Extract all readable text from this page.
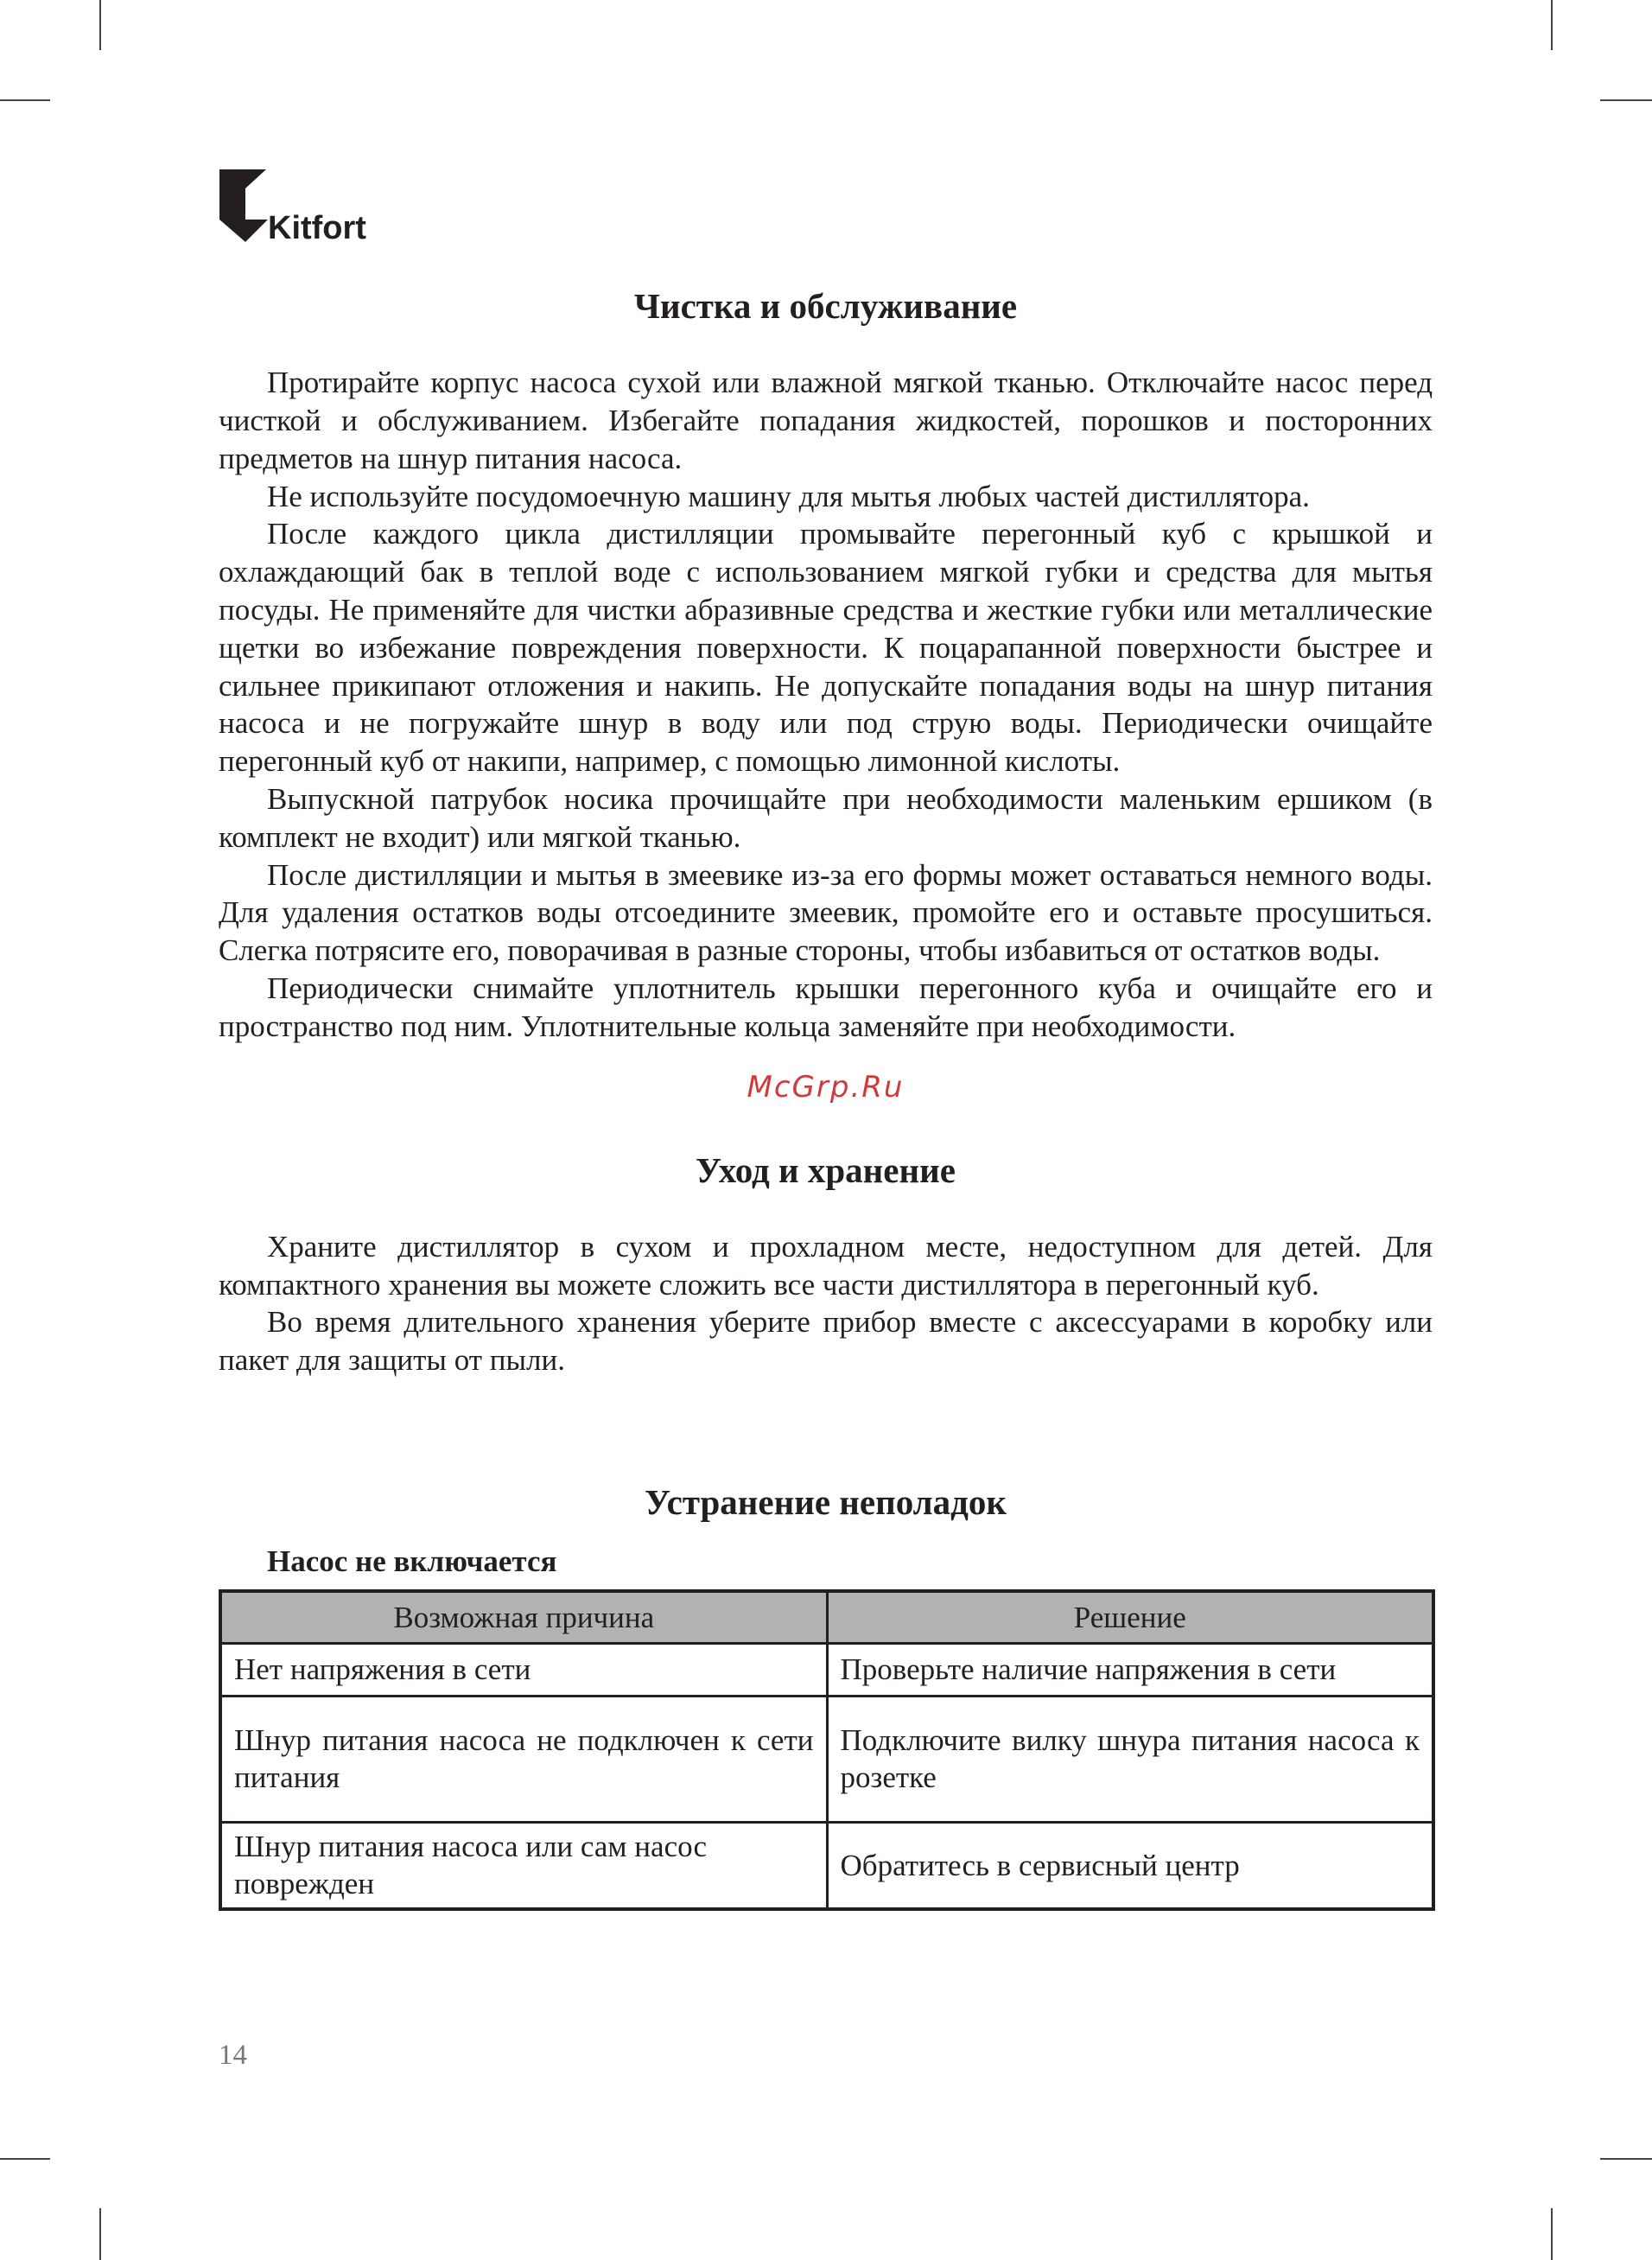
Kitfort
Чистка и обслуживание

Протирайте корпус насоса сухой или влажной мягкой тканью. Отключайте насос перед чисткой и обслуживанием. Избегайте попадания жидкостей, порошков и посторонних предметов на шнур питания насоса.

Не используйте посудомоечную машину для мытья любых частей дистиллятора.

После каждого цикла дистилляции промывайте перегонный куб с крышкой и охлаждающий бак в теплой воде с использованием мягкой губки и средства для мытья посуды. Не применяйте для чистки абразивные средства и жесткие губки или металлические щетки во избежание повреждения поверхности. К поцарапанной поверхности быстрее и сильнее прикипают отложения и накипь. Не допускайте попадания воды на шнур питания насоса и не погружайте шнур в воду или под струю воды. Периодически очищайте перегонный куб от накипи, например, с помощью лимонной кислоты.

Выпускной патрубок носика прочищайте при необходимости маленьким ершиком (в комплект не входит) или мягкой тканью.

После дистилляции и мытья в змеевике из-за его формы может оставаться немного воды. Для удаления остатков воды отсоедините змеевик, промойте его и оставьте просушиться. Слегка потрясите его, поворачивая в разные стороны, чтобы избавиться от остатков воды.

Периодически снимайте уплотнитель крышки перегонного куба и очищайте его и пространство под ним. Уплотнительные кольца заменяйте при необходимости.

McGrp.Ru
Уход и хранение

Храните дистиллятор в сухом и прохладном месте, недоступном для детей. Для компактного хранения вы можете сложить все части дистиллятора в перегонный куб.

Во время длительного хранения уберите прибор вместе с аксессуарами в коробку или пакет для защиты от пыли.

Устранение неполадок
Насос не включается
Возможная причина	Решение
Нет напряжения в сети	Проверьте наличие напряжения в сети
Шнур питания насоса не подключен к сети питания	Подключите вилку шнура питания насоса к розетке
Шнур питания насоса или сам насос поврежден	Обратитесь в сервисный центр
14
